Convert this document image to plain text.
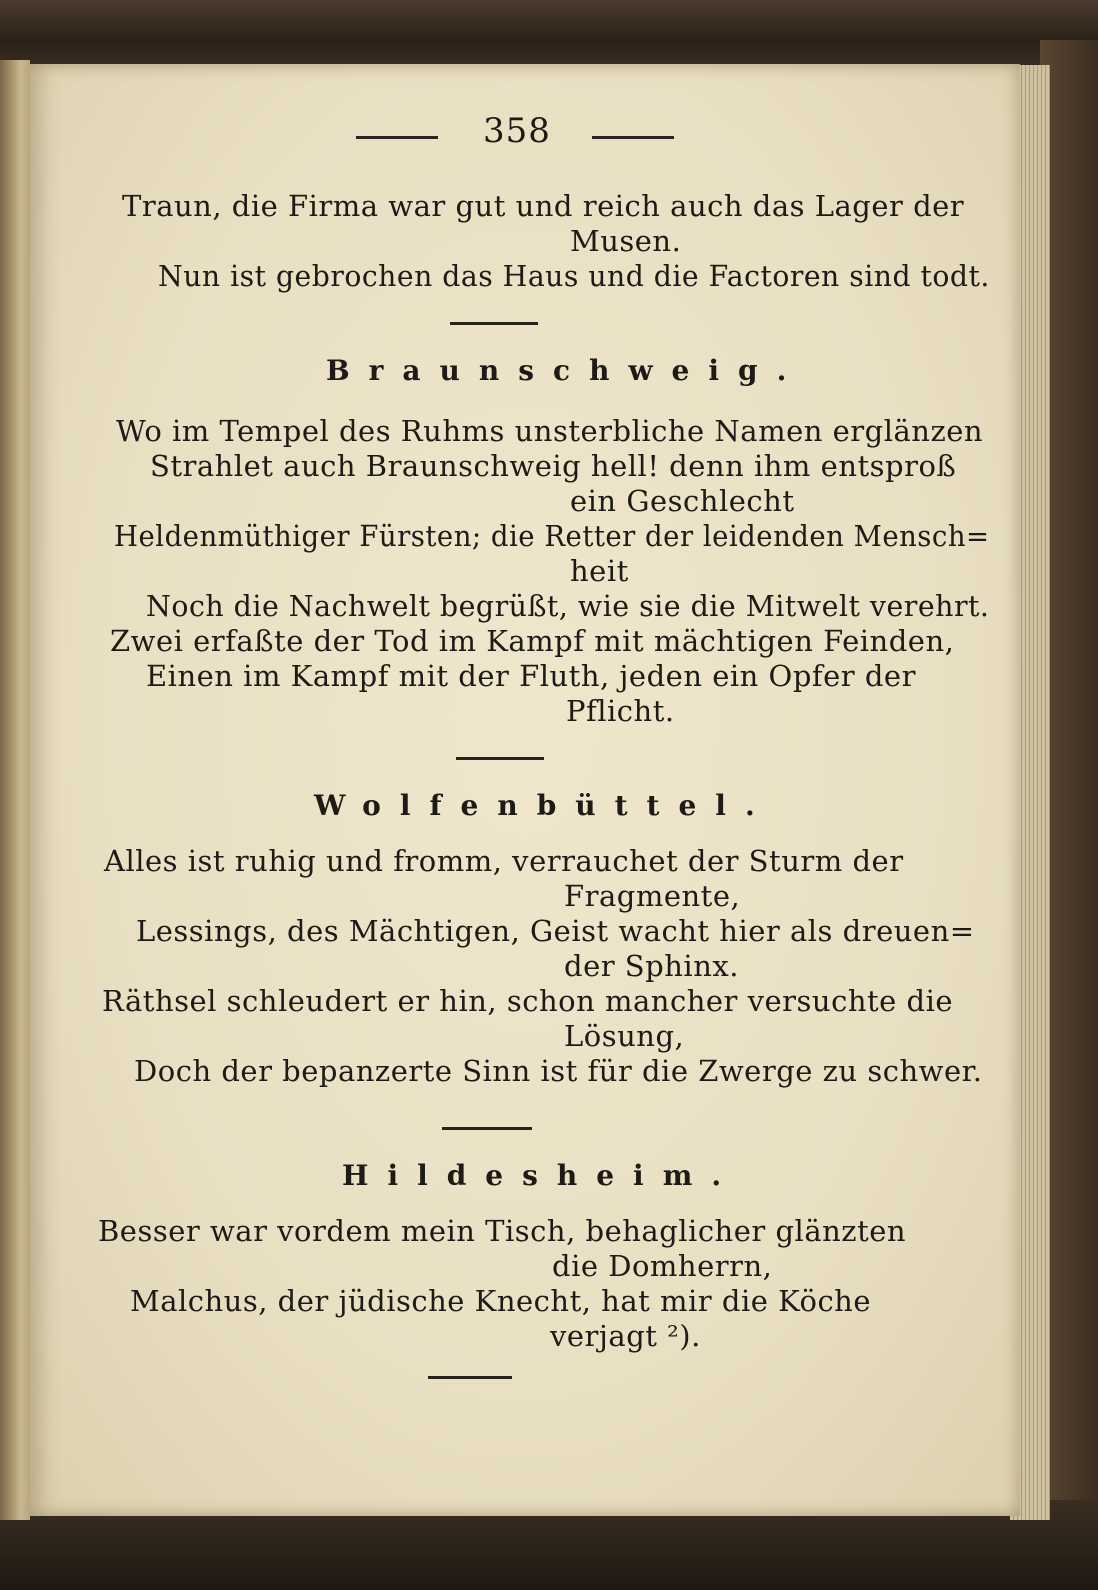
358
Traun, die Firma war gut und reich auch das Lager der
Musen.
Nun ist gebrochen das Haus und die Factoren sind todt.
Braunschweig.
Wo im Tempel des Ruhms unsterbliche Namen erglänzen
Strahlet auch Braunschweig hell! denn ihm entsproß
ein Geschlecht
Heldenmüthiger Fürsten; die Retter der leidenden Mensch=
heit
Noch die Nachwelt begrüßt, wie sie die Mitwelt verehrt.
Zwei erfaßte der Tod im Kampf mit mächtigen Feinden,
Einen im Kampf mit der Fluth, jeden ein Opfer der
Pflicht.
Wolfenbüttel.
Alles ist ruhig und fromm, verrauchet der Sturm der
Fragmente,
Lessings, des Mächtigen, Geist wacht hier als dreuen=
der Sphinx.
Räthsel schleudert er hin, schon mancher versuchte die
Lösung,
Doch der bepanzerte Sinn ist für die Zwerge zu schwer.
Hildesheim.
Besser war vordem mein Tisch, behaglicher glänzten
die Domherrn,
Malchus, der jüdische Knecht, hat mir die Köche
verjagt ²).
